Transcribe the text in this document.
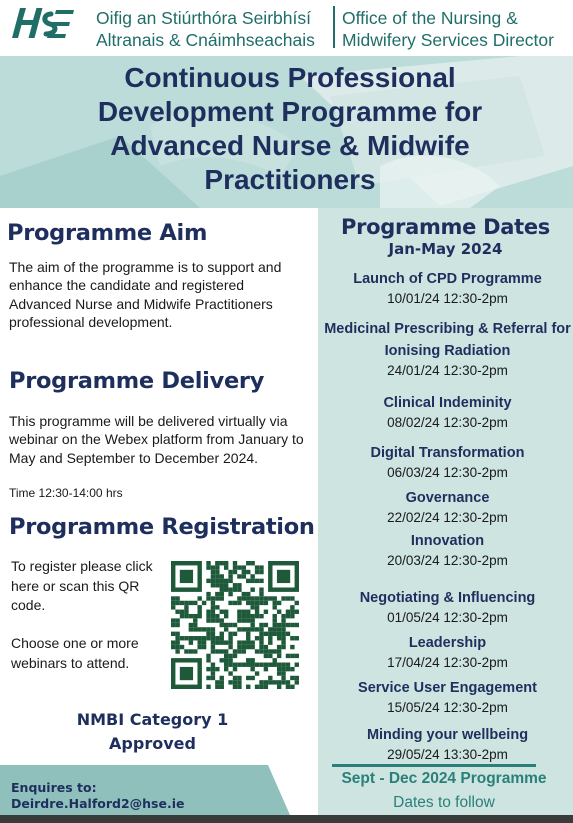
Oifig an Stiúrthóra Seirbhísí Altranais & Cnáimhseachais
Office of the Nursing & Midwifery Services Director
Continuous Professional Development Programme for Advanced Nurse & Midwife Practitioners
Programme Aim
The aim of the programme is to support and enhance the candidate and registered Advanced Nurse and Midwife Practitioners professional development.
Programme Delivery
This programme will be delivered virtually via webinar on the Webex platform from January to May and September to December 2024.
Time 12:30-14:00 hrs
Programme Registration
To register please click here or scan this QR code.
Choose one or more webinars to attend.
NMBI Category 1
Approved
Enquires to:
Deirdre.Halford2@hse.ie
Programme Dates
Jan-May 2024
Launch of CPD Programme
10/01/24 12:30-2pm
Medicinal Prescribing & Referral for Ionising Radiation
24/01/24 12:30-2pm
Clinical Indeminity
08/02/24 12:30-2pm
Digital Transformation
06/03/24 12:30-2pm
Governance
22/02/24 12:30-2pm
Innovation
20/03/24 12:30-2pm
Negotiating & Influencing
01/05/24 12:30-2pm
Leadership
17/04/24 12:30-2pm
Service User Engagement
15/05/24 12:30-2pm
Minding your wellbeing
29/05/24 13:30-2pm
Sept - Dec 2024 Programme
Dates to follow
